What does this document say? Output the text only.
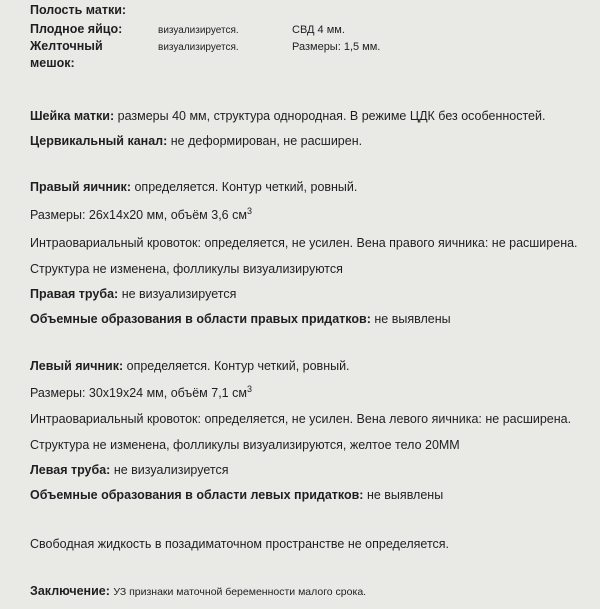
Полость матки:
Плодное яйцо:	визуализируется.	СВД 4 мм.
Желточный	визуализируется.	Размеры: 1,5 мм.
мешок:
Шейка матки: размеры 40 мм, структура однородная. В режиме ЦДК без особенностей.
Цервикальный канал: не деформирован, не расширен.
Правый яичник: определяется. Контур четкий, ровный.
Размеры: 26х14х20 мм, объём 3,6 $см^3$
Интраовариальный кровоток: определяется, не усилен. Вена правого яичника: не расширена.
Структура не изменена, фолликулы визуализируются
Правая труба: не визуализируется
Объемные образования в области правых придатков: не выявлены
Левый яичник: определяется. Контур четкий, ровный.
Размеры: 30х19х24 мм, объём 7,1 $см^3$
Интраовариальный кровоток: определяется, не усилен. Вена левого яичника: не расширена.
Структура не изменена, фолликулы визуализируются, желтое тело 20ММ
Левая труба: не визуализируется
Объемные образования в области левых придатков: не выявлены
Свободная жидкость в позадиматочном пространстве не определяется.
Заключение: УЗ признаки маточной беременности малого срока.
